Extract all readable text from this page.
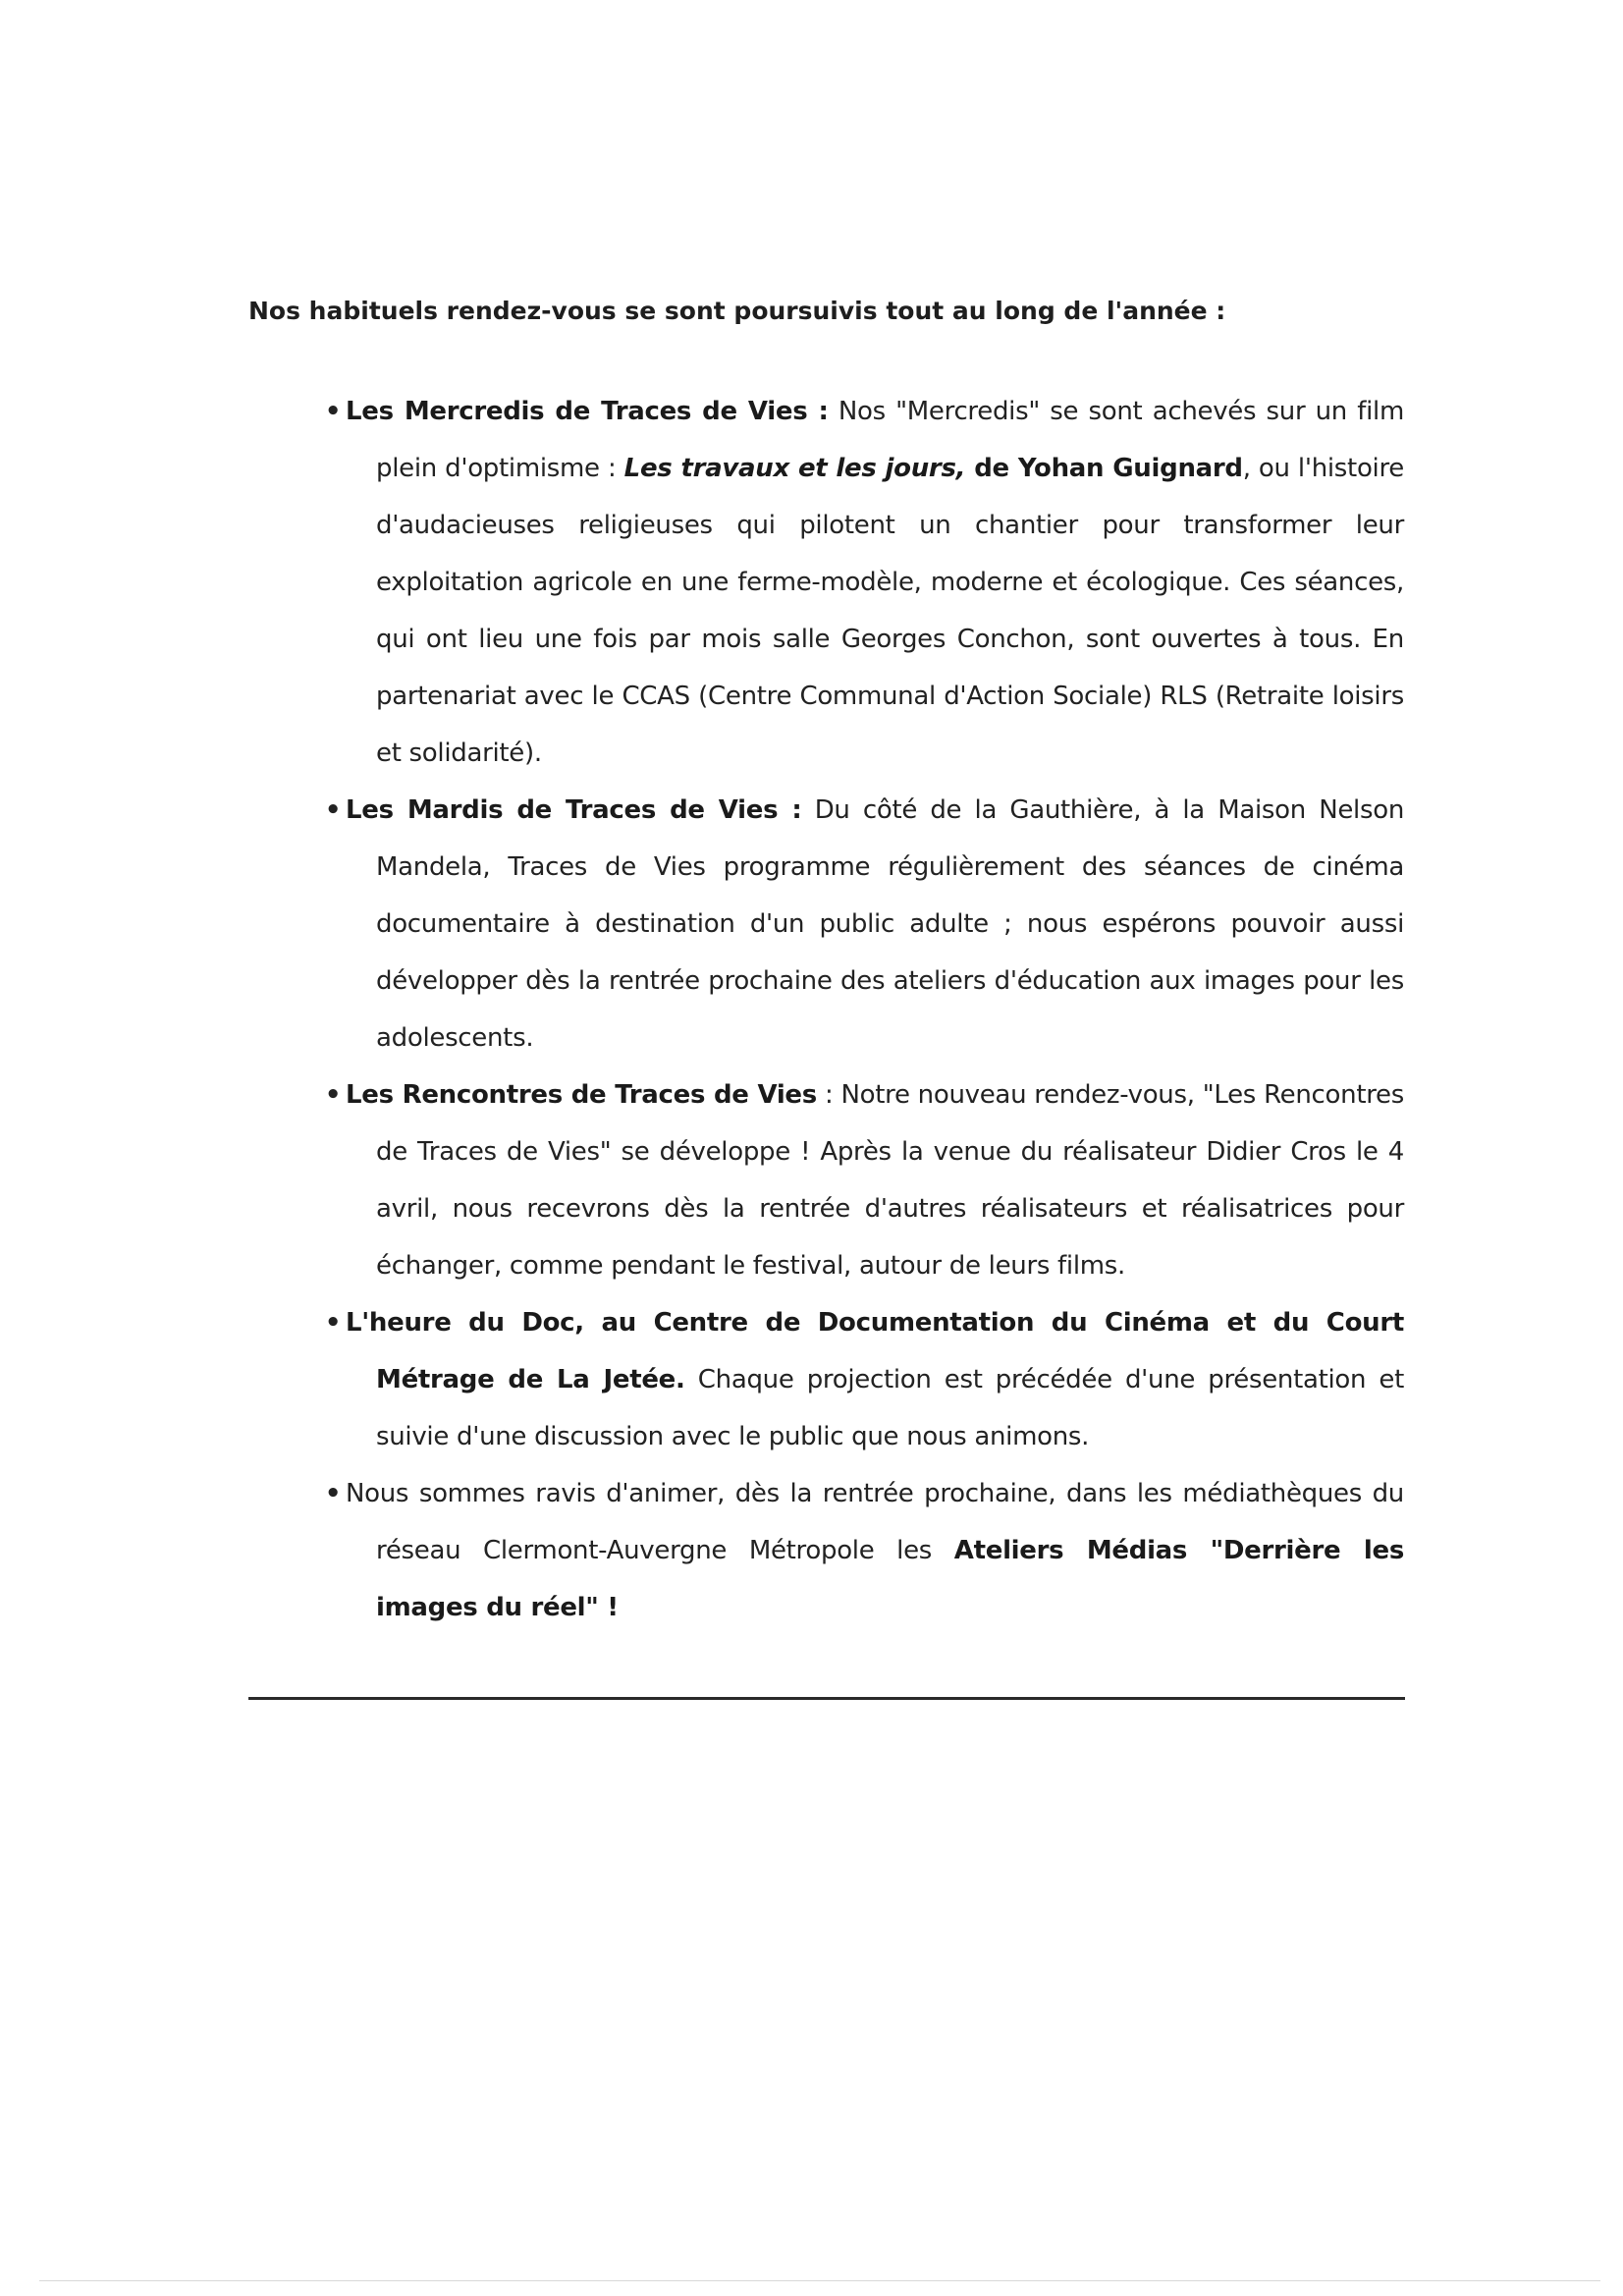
Nos habituels rendez-vous se sont poursuivis tout au long de l'année :
• Les Mercredis de Traces de Vies : Nos "Mercredis" se sont achevés sur un film plein d'optimisme : Les travaux et les jours, de Yohan Guignard, ou l'histoire d'audacieuses religieuses qui pilotent un chantier pour transformer leur exploitation agricole en une ferme-modèle, moderne et écologique. Ces séances, qui ont lieu une fois par mois salle Georges Conchon, sont ouvertes à tous. En partenariat avec le CCAS (Centre Communal d'Action Sociale) RLS (Retraite loisirs et solidarité).
• Les Mardis de Traces de Vies : Du côté de la Gauthière, à la Maison Nelson Mandela, Traces de Vies programme régulièrement des séances de cinéma documentaire à destination d'un public adulte ; nous espérons pouvoir aussi développer dès la rentrée prochaine des ateliers d'éducation aux images pour les adolescents.
• Les Rencontres de Traces de Vies : Notre nouveau rendez-vous, "Les Rencontres de Traces de Vies" se développe ! Après la venue du réalisateur Didier Cros le 4 avril, nous recevrons dès la rentrée d'autres réalisateurs et réalisatrices pour échanger, comme pendant le festival, autour de leurs films.
• L'heure du Doc, au Centre de Documentation du Cinéma et du Court Métrage de La Jetée. Chaque projection est précédée d'une présentation et suivie d'une discussion avec le public que nous animons.
• Nous sommes ravis d'animer, dès la rentrée prochaine, dans les médiathèques du réseau Clermont-Auvergne Métropole les Ateliers Médias "Derrière les images du réel" !
